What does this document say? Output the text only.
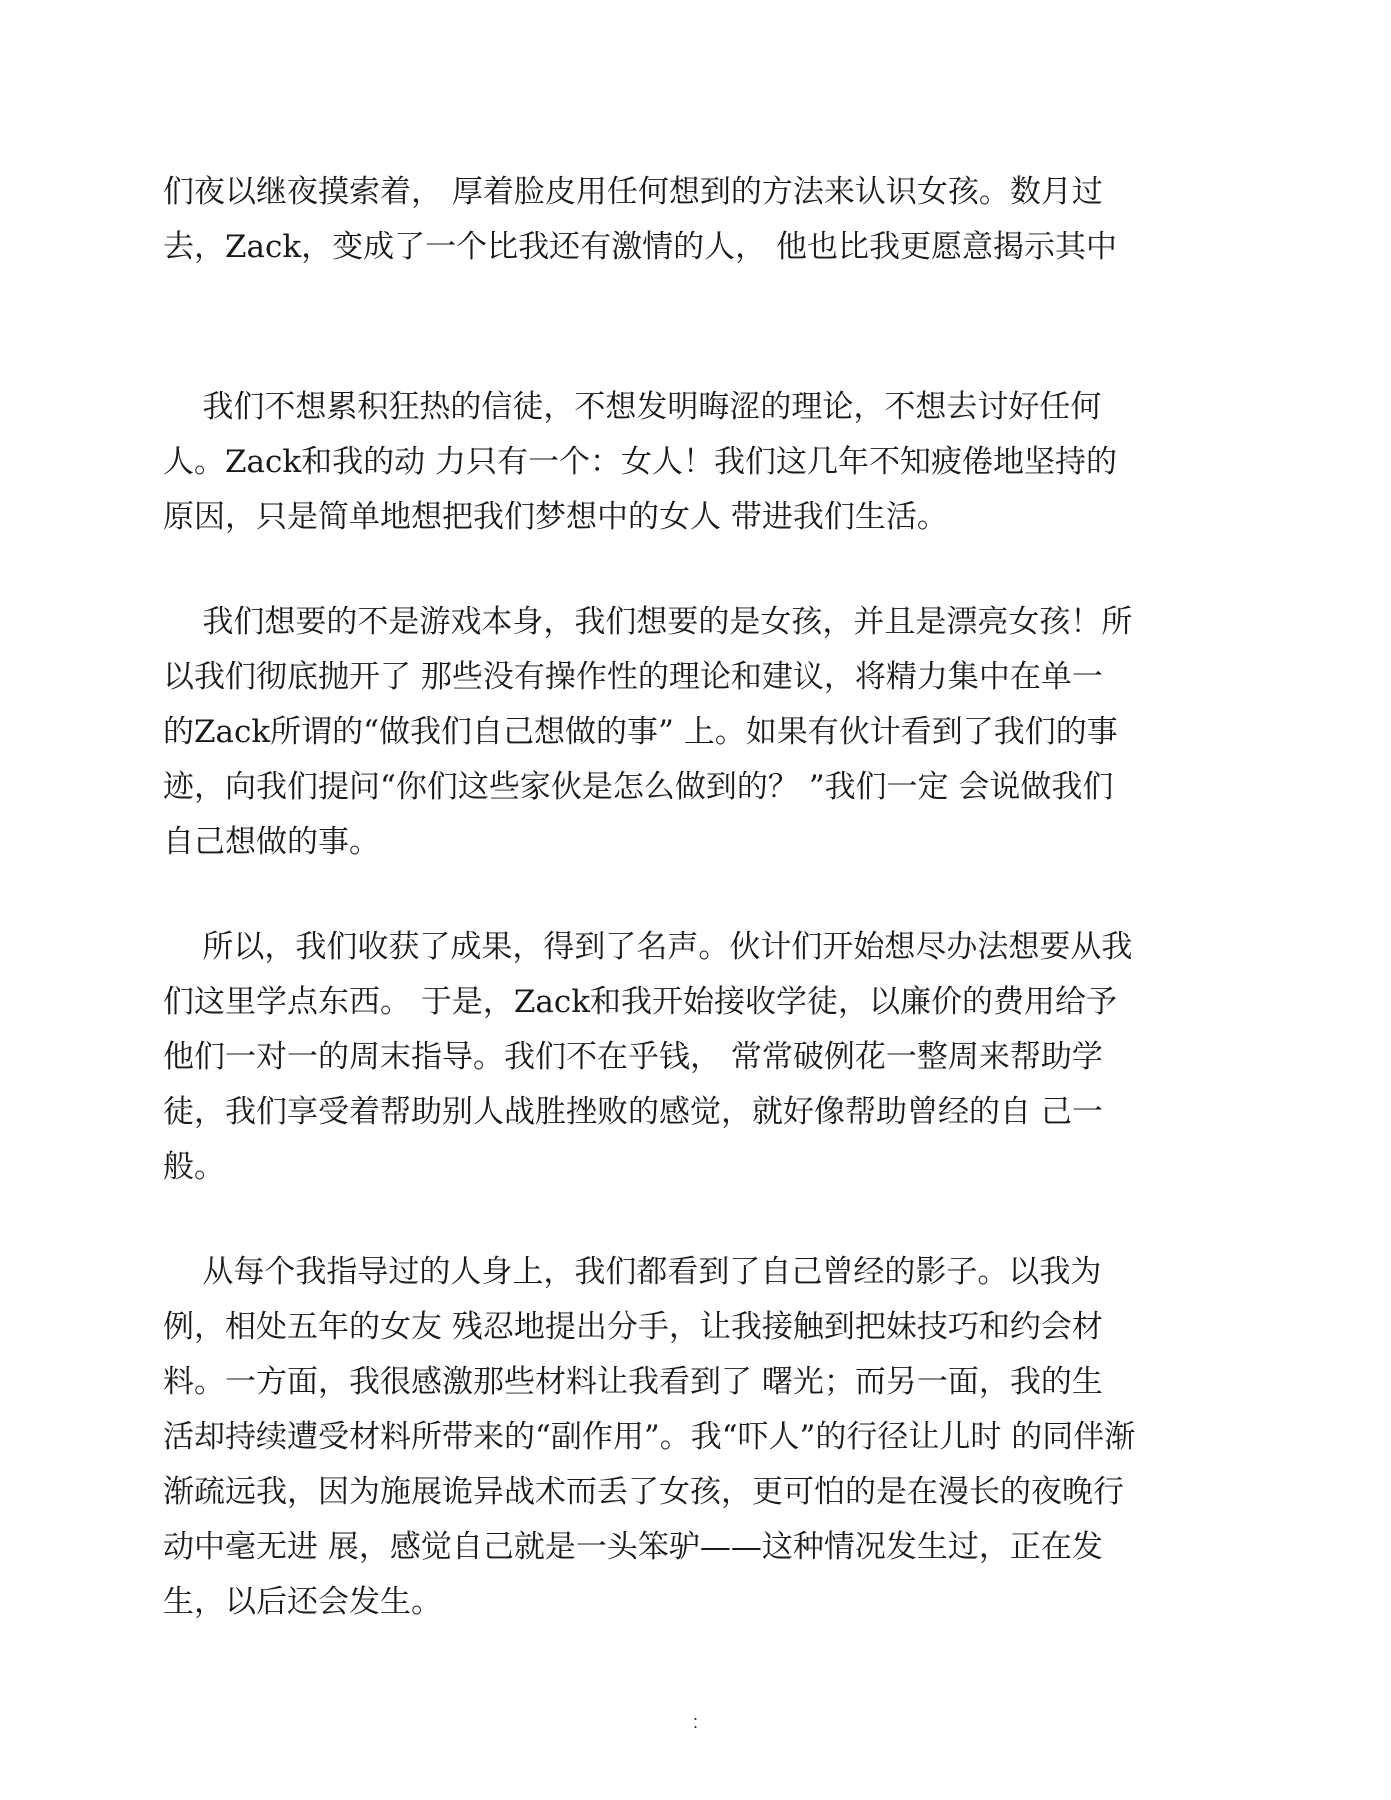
们夜以继夜摸索着， 厚着脸皮用任何想到的方法来认识女孩。数月过
去，Zack，变成了一个比我还有激情的人， 他也比我更愿意揭示其中
我们不想累积狂热的信徒，不想发明晦涩的理论，不想去讨好任何
人。Zack和我的动 力只有一个：女人！我们这几年不知疲倦地坚持的
原因，只是简单地想把我们梦想中的女人 带进我们生活。
我们想要的不是游戏本身，我们想要的是女孩，并且是漂亮女孩！所
以我们彻底抛开了 那些没有操作性的理论和建议，将精力集中在单一
的Zack所谓的“做我们自己想做的事” 上。如果有伙计看到了我们的事
迹，向我们提问“你们这些家伙是怎么做到的？ ”我们一定 会说做我们
自己想做的事。
所以，我们收获了成果，得到了名声。伙计们开始想尽办法想要从我
们这里学点东西。 于是，Zack和我开始接收学徒，以廉价的费用给予
他们一对一的周末指导。我们不在乎钱， 常常破例花一整周来帮助学
徒，我们享受着帮助别人战胜挫败的感觉，就好像帮助曾经的自 己一
般。
从每个我指导过的人身上，我们都看到了自己曾经的影子。以我为
例，相处五年的女友 残忍地提出分手，让我接触到把妹技巧和约会材
料。一方面，我很感激那些材料让我看到了 曙光；而另一面，我的生
活却持续遭受材料所带来的“副作用”。我“吓人”的行径让儿时 的同伴渐
渐疏远我，因为施展诡异战术而丢了女孩，更可怕的是在漫长的夜晚行
动中毫无进 展，感觉自己就是一头笨驴——这种情况发生过，正在发
生，以后还会发生。
:
